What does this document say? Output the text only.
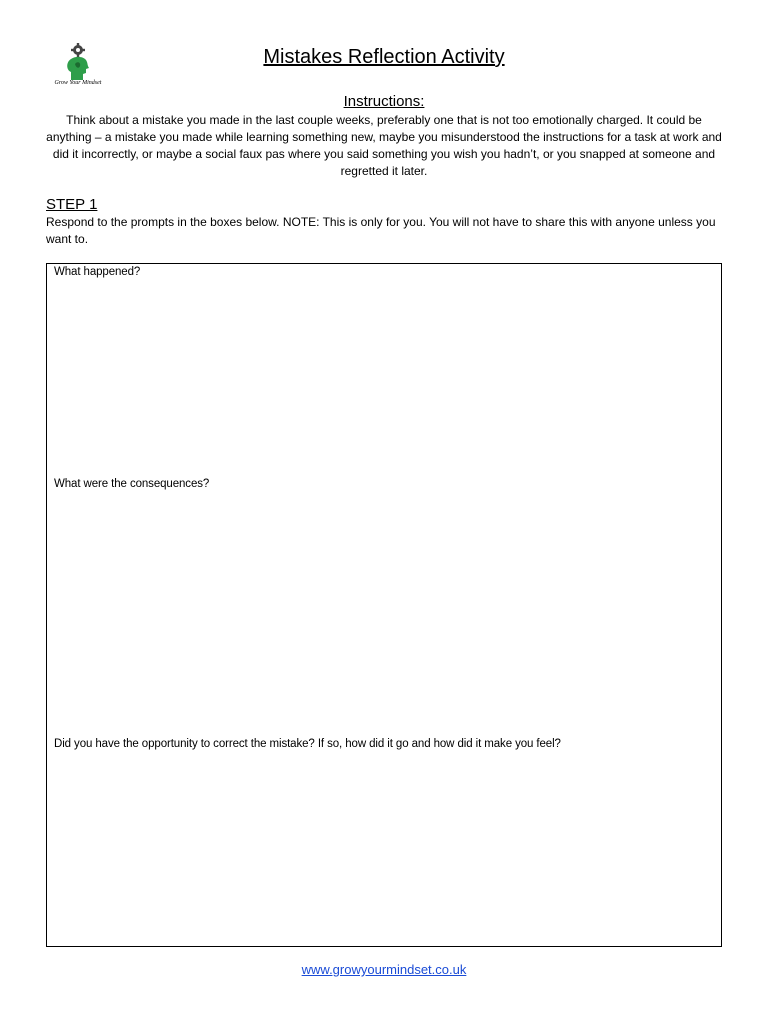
Grow Your Mindset
Mistakes Reflection Activity
Instructions:
Think about a mistake you made in the last couple weeks, preferably one that is not too emotionally charged. It could be anything – a mistake you made while learning something new, maybe you misunderstood the instructions for a task at work and did it incorrectly, or maybe a social faux pas where you said something you wish you hadn’t, or you snapped at someone and regretted it later.
STEP 1
Respond to the prompts in the boxes below. NOTE: This is only for you. You will not have to share this with anyone unless you want to.
What happened?
What were the consequences?
Did you have the opportunity to correct the mistake? If so, how did it go and how did it make you feel?
www.growyourmindset.co.uk
